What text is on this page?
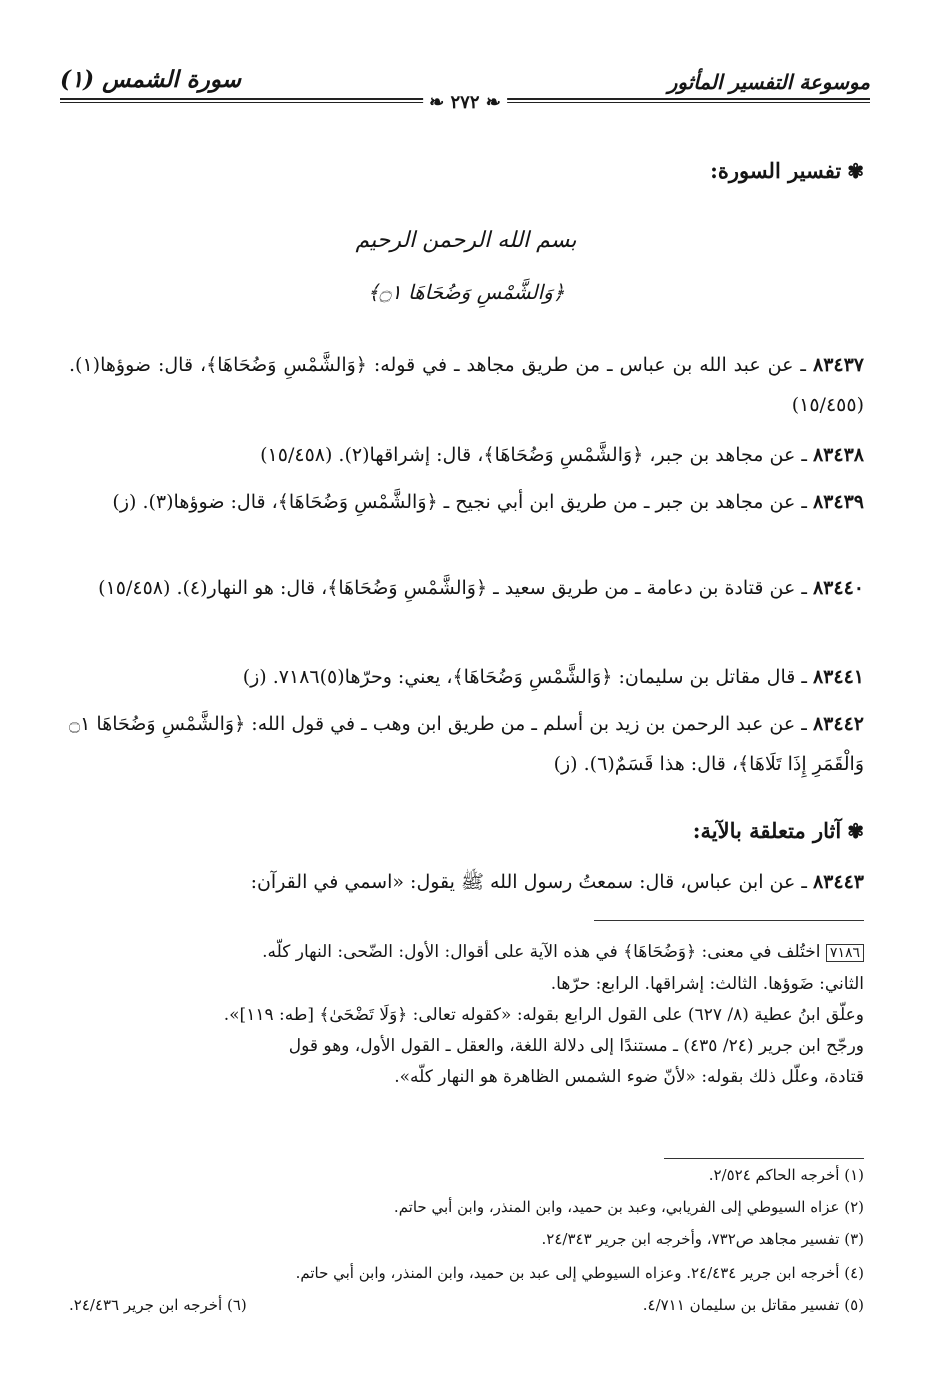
موسوعة التفسير المأثور
سورة الشمس (١)
❧ ٢٧٢ ❧
✾تفسير السورة:
بسم الله الرحمن الرحيم
﴿وَالشَّمْسِ وَضُحَاهَا ۝١﴾
٨٣٤٣٧ ـ عن عبد الله بن عباس ـ من طريق مجاهد ـ في قوله: ﴿وَالشَّمْسِ وَضُحَاهَا﴾، قال: ضوؤها(١). (١٥/٤٥٥)
٨٣٤٣٨ ـ عن مجاهد بن جبر، ﴿وَالشَّمْسِ وَضُحَاهَا﴾، قال: إشراقها(٢). (١٥/٤٥٨)
٨٣٤٣٩ ـ عن مجاهد بن جبر ـ من طريق ابن أبي نجيح ـ ﴿وَالشَّمْسِ وَضُحَاهَا﴾، قال: ضوؤها(٣). (ز)
٨٣٤٤٠ ـ عن قتادة بن دعامة ـ من طريق سعيد ـ ﴿وَالشَّمْسِ وَضُحَاهَا﴾، قال: هو النهار(٤). (١٥/٤٥٨)
٨٣٤٤١ ـ قال مقاتل بن سليمان: ﴿وَالشَّمْسِ وَضُحَاهَا﴾، يعني: وحرّها(٥)٧١٨٦. (ز)
٨٣٤٤٢ ـ عن عبد الرحمن بن زيد بن أسلم ـ من طريق ابن وهب ـ في قول الله: ﴿وَالشَّمْسِ وَضُحَاهَا ۝١ وَالْقَمَرِ إِذَا تَلَاهَا﴾، قال: هذا قَسَمٌ(٦). (ز)
✾آثار متعلقة بالآية:
٨٣٤٤٣ ـ عن ابن عباس، قال: سمعتُ رسول الله ﷺ يقول: «اسمي في القرآن:
٧١٨٦ اختُلف في معنى: ﴿وَضُحَاهَا﴾ في هذه الآية على أقوال: الأول: الضّحى: النهار كلّه.
الثاني: ضَوؤها. الثالث: إشراقها. الرابع: حرّها.
وعلّق ابنُ عطية (٨/ ٦٢٧) على القول الرابع بقوله: «كقوله تعالى: ﴿وَلَا تَضْحَىٰ﴾ [طه: ١١٩]».
ورجّح ابن جرير (٢٤/ ٤٣٥) ـ مستندًا إلى دلالة اللغة، والعقل ـ القول الأول، وهو قول
قتادة، وعلّل ذلك بقوله: «لأنّ ضوء الشمس الظاهرة هو النهار كلّه».
(١) أخرجه الحاكم ٢/٥٢٤.
(٢) عزاه السيوطي إلى الفريابي، وعبد بن حميد، وابن المنذر، وابن أبي حاتم.
(٣) تفسير مجاهد ص٧٣٢، وأخرجه ابن جرير ٢٤/٣٤٣.
(٤) أخرجه ابن جرير ٢٤/٤٣٤. وعزاه السيوطي إلى عبد بن حميد، وابن المنذر، وابن أبي حاتم.
(٥) تفسير مقاتل بن سليمان ٤/٧١١.
(٦) أخرجه ابن جرير ٢٤/٤٣٦.
